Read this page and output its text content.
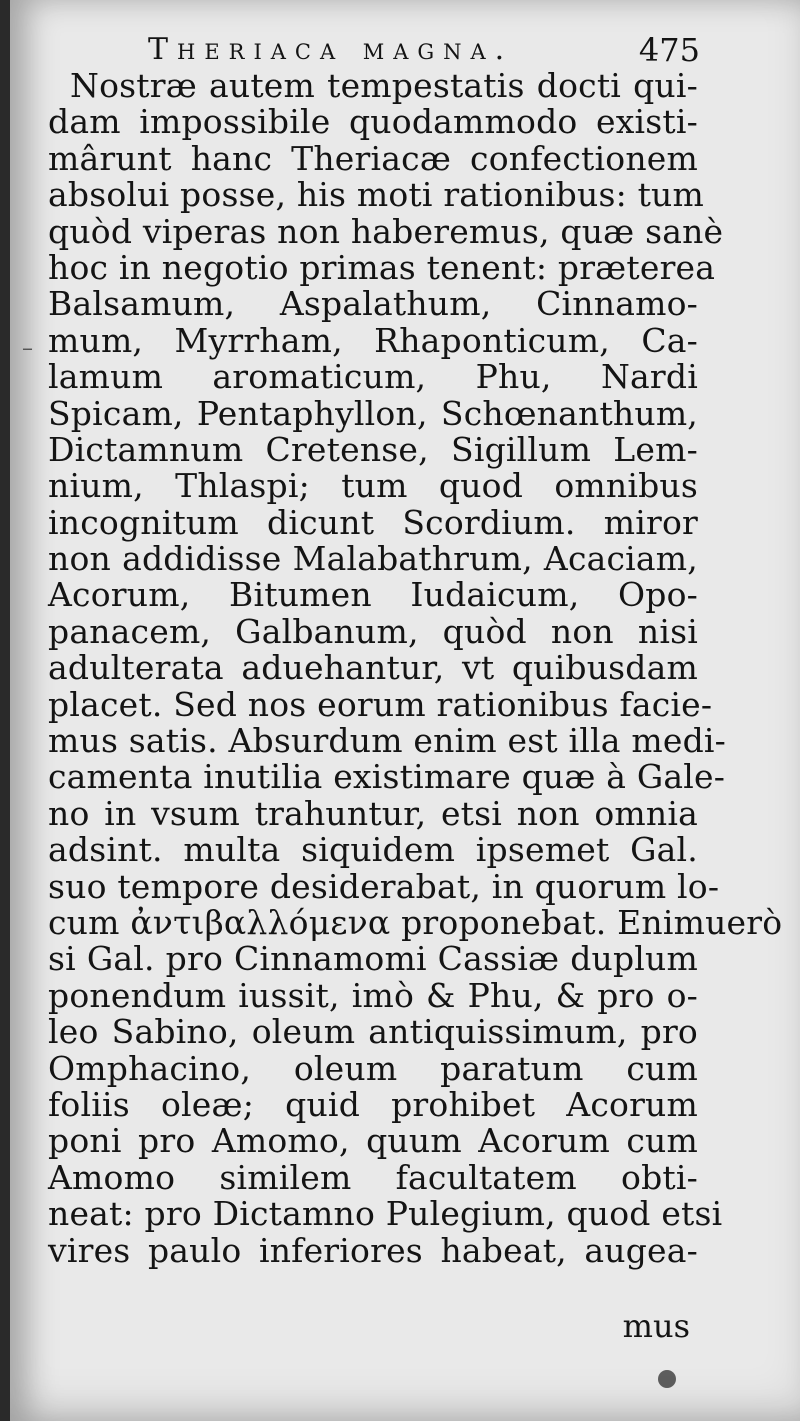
Theriaca magna.	475
Nostræ autem tempestatis docti qui-
dam impossibile quodammodo existi-
mârunt hanc Theriacæ confectionem
absolui posse, his moti rationibus: tum
quòd viperas non haberemus, quæ sanè
hoc in negotio primas tenent: præterea
Balsamum, Aspalathum, Cinnamo-
mum, Myrrham, Rhaponticum, Ca-
lamum aromaticum, Phu, Nardi
Spicam, Pentaphyllon, Schœnanthum,
Dictamnum Cretense, Sigillum Lem-
nium, Thlaspi; tum quod omnibus
incognitum dicunt Scordium. miror
non addidisse Malabathrum, Acaciam,
Acorum, Bitumen Iudaicum, Opo-
panacem, Galbanum, quòd non nisi
adulterata aduehantur, vt quibusdam
placet. Sed nos eorum rationibus facie-
mus satis. Absurdum enim est illa medi-
camenta inutilia existimare quæ à Gale-
no in vsum trahuntur, etsi non omnia
adsint. multa siquidem ipsemet Gal.
suo tempore desiderabat, in quorum lo-
cum ἀντιβαλλόμενα proponebat. Enimuerò
si Gal. pro Cinnamomi Cassiæ duplum
ponendum iussit, imò & Phu, & pro o-
leo Sabino, oleum antiquissimum, pro
Omphacino, oleum paratum cum
foliis oleæ; quid prohibet Acorum
poni pro Amomo, quum Acorum cum
Amomo similem facultatem obti-
neat: pro Dictamno Pulegium, quod etsi
vires paulo inferiores habeat, augea-
mus
–
